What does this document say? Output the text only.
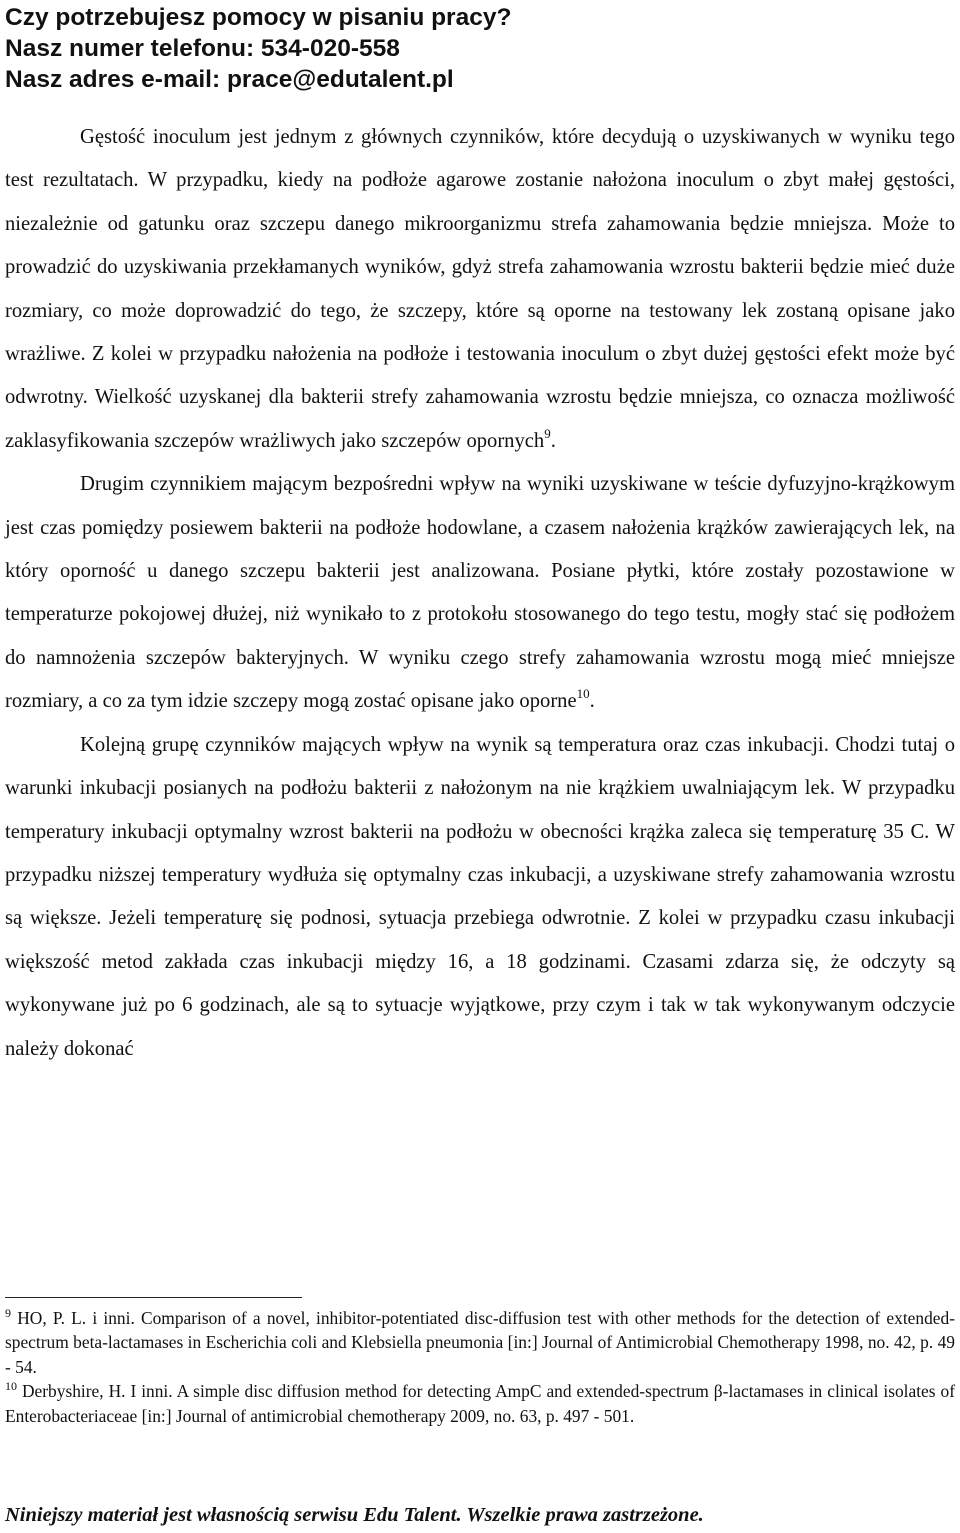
Czy potrzebujesz pomocy w pisaniu pracy?
Nasz numer telefonu: 534-020-558
Nasz adres e-mail: prace@edutalent.pl

Gęstość inoculum jest jednym z głównych czynników, które decydują o uzyskiwanych w wyniku tego test rezultatach. W przypadku, kiedy na podłoże agarowe zostanie nałożona inoculum o zbyt małej gęstości, niezależnie od gatunku oraz szczepu danego mikroorganizmu strefa zahamowania będzie mniejsza. Może to prowadzić do uzyskiwania przekłamanych wyników, gdyż strefa zahamowania wzrostu bakterii będzie mieć duże rozmiary, co może doprowadzić do tego, że szczepy, które są oporne na testowany lek zostaną opisane jako wrażliwe. Z kolei w przypadku nałożenia na podłoże i testowania inoculum o zbyt dużej gęstości efekt może być odwrotny. Wielkość uzyskanej dla bakterii strefy zahamowania wzrostu będzie mniejsza, co oznacza możliwość zaklasyfikowania szczepów wrażliwych jako szczepów opornych$^9$.

Drugim czynnikiem mającym bezpośredni wpływ na wyniki uzyskiwane w teście dyfuzyjno-krążkowym jest czas pomiędzy posiewem bakterii na podłoże hodowlane, a czasem nałożenia krążków zawierających lek, na który oporność u danego szczepu bakterii jest analizowana. Posiane płytki, które zostały pozostawione w temperaturze pokojowej dłużej, niż wynikało to z protokołu stosowanego do tego testu, mogły stać się podłożem do namnożenia szczepów bakteryjnych. W wyniku czego strefy zahamowania wzrostu mogą mieć mniejsze rozmiary, a co za tym idzie szczepy mogą zostać opisane jako oporne$^{10}$.

Kolejną grupę czynników mających wpływ na wynik są temperatura oraz czas inkubacji. Chodzi tutaj o warunki inkubacji posianych na podłożu bakterii z nałożonym na nie krążkiem uwalniającym lek. W przypadku temperatury inkubacji optymalny wzrost bakterii na podłożu w obecności krążka zaleca się temperaturę 35 C. W przypadku niższej temperatury wydłuża się optymalny czas inkubacji, a uzyskiwane strefy zahamowania wzrostu są większe. Jeżeli temperaturę się podnosi, sytuacja przebiega odwrotnie. Z kolei w przypadku czasu inkubacji większość metod zakłada czas inkubacji między 16, a 18 godzinami. Czasami zdarza się, że odczyty są wykonywane już po 6 godzinach, ale są to sytuacje wyjątkowe, przy czym i tak w tak wykonywanym odczycie należy dokonać

$^9$ HO, P. L. i inni. Comparison of a novel, inhibitor-potentiated disc-diffusion test with other methods for the detection of extended-spectrum beta-lactamases in Escherichia coli and Klebsiella pneumonia [in:] Journal of Antimicrobial Chemotherapy 1998, no. 42, p. 49 - 54.

$^{10}$ Derbyshire, H. I inni. A simple disc diffusion method for detecting AmpC and extended-spectrum β-lactamases in clinical isolates of Enterobacteriaceae [in:] Journal of antimicrobial chemotherapy 2009, no. 63, p. 497 - 501.

Niniejszy materiał jest własnością serwisu Edu Talent. Wszelkie prawa zastrzeżone.
